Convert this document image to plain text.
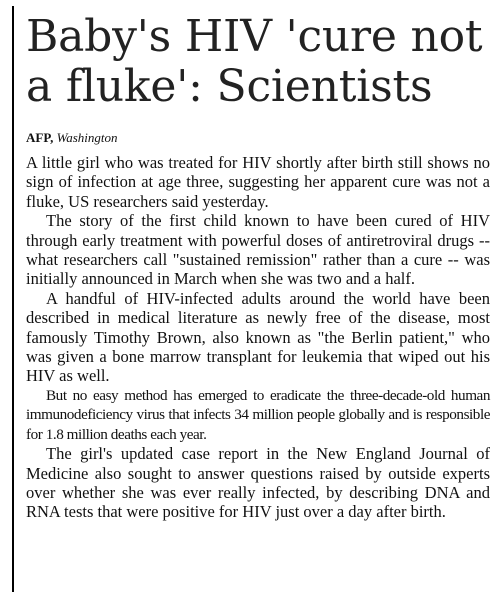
Baby's HIV 'cure not a fluke': Scientists
AFP, Washington

A little girl who was treated for HIV shortly after birth still shows no sign of infection at age three, suggesting her apparent cure was not a fluke, US researchers said yesterday.

The story of the first child known to have been cured of HIV through early treatment with powerful doses of antiretroviral drugs -- what researchers call "sustained remission" rather than a cure -- was initially announced in March when she was two and a half.

A handful of HIV-infected adults around the world have been described in medical literature as newly free of the disease, most famously Timothy Brown, also known as "the Berlin patient," who was given a bone marrow transplant for leukemia that wiped out his HIV as well.

But no easy method has emerged to eradicate the three-decade-old human immunodeficiency virus that infects 34 million people globally and is responsible for 1.8 million deaths each year.

The girl's updated case report in the New England Journal of Medicine also sought to answer questions raised by outside experts over whether she was ever really infected, by describing DNA and RNA tests that were positive for HIV just over a day after birth.
